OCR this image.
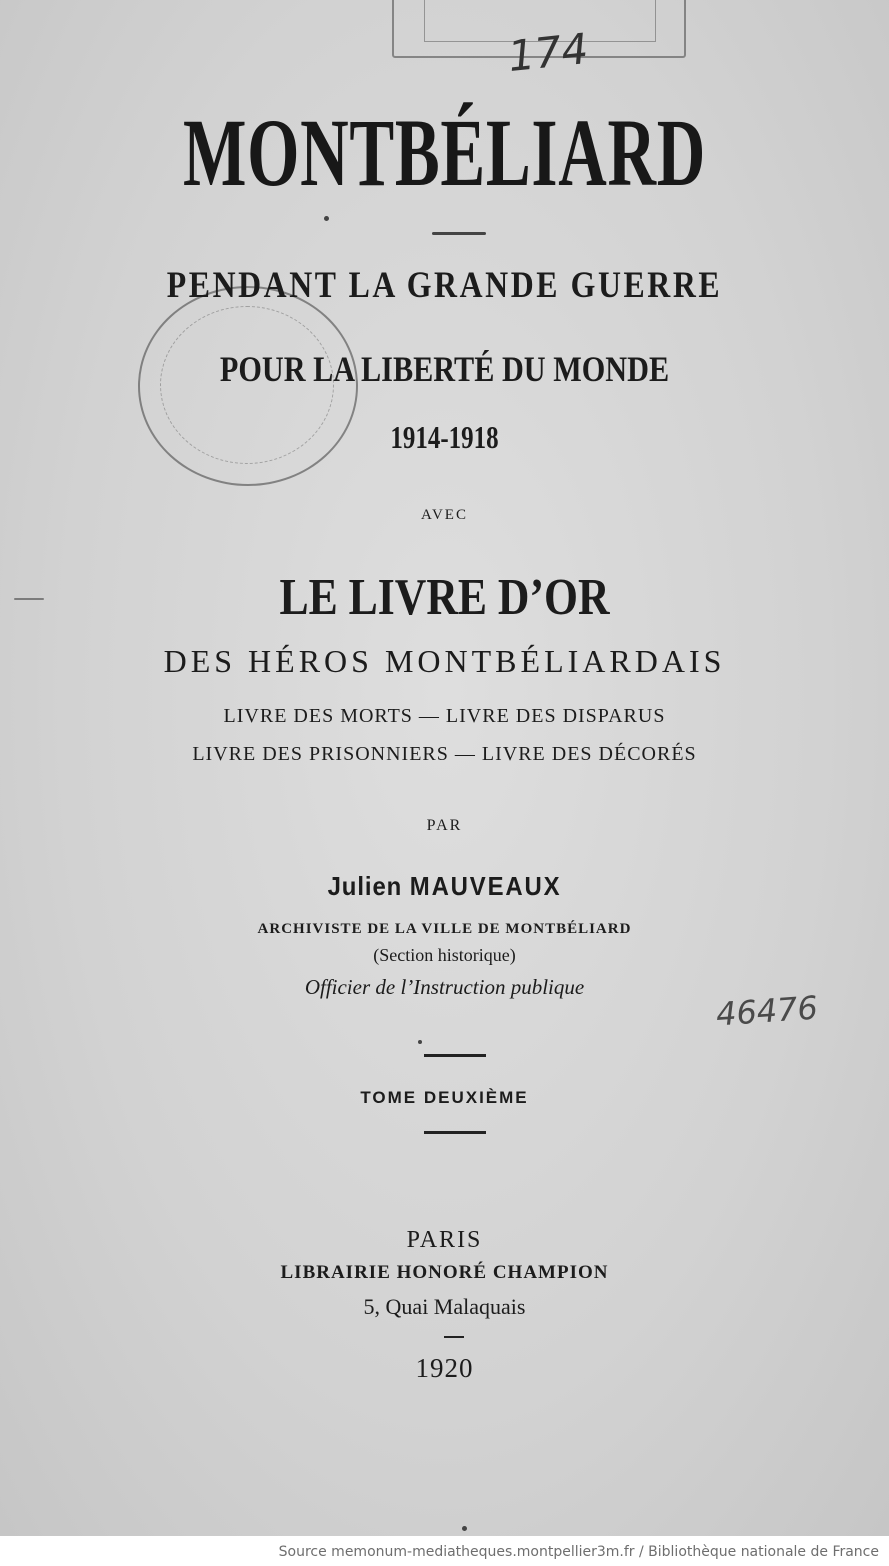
174
MONTBÉLIARD

PENDANT LA GRANDE GUERRE

POUR LA LIBERTÉ DU MONDE

1914-1918

AVEC

LE LIVRE D’OR

DES HÉROS MONTBÉLIARDAIS

LIVRE DES MORTS — LIVRE DES DISPARUS

LIVRE DES PRISONNIERS — LIVRE DES DÉCORÉS

PAR

Julien MAUVEAUX

ARCHIVISTE DE LA VILLE DE MONTBÉLIARD

(Section historique)

Officier de l’Instruction publique

46476

TOME DEUXIÈME

PARIS

LIBRAIRIE HONORÉ CHAMPION

5, Quai Malaquais

1920

Source memonum-mediatheques.montpellier3m.fr / Bibliothèque nationale de France
